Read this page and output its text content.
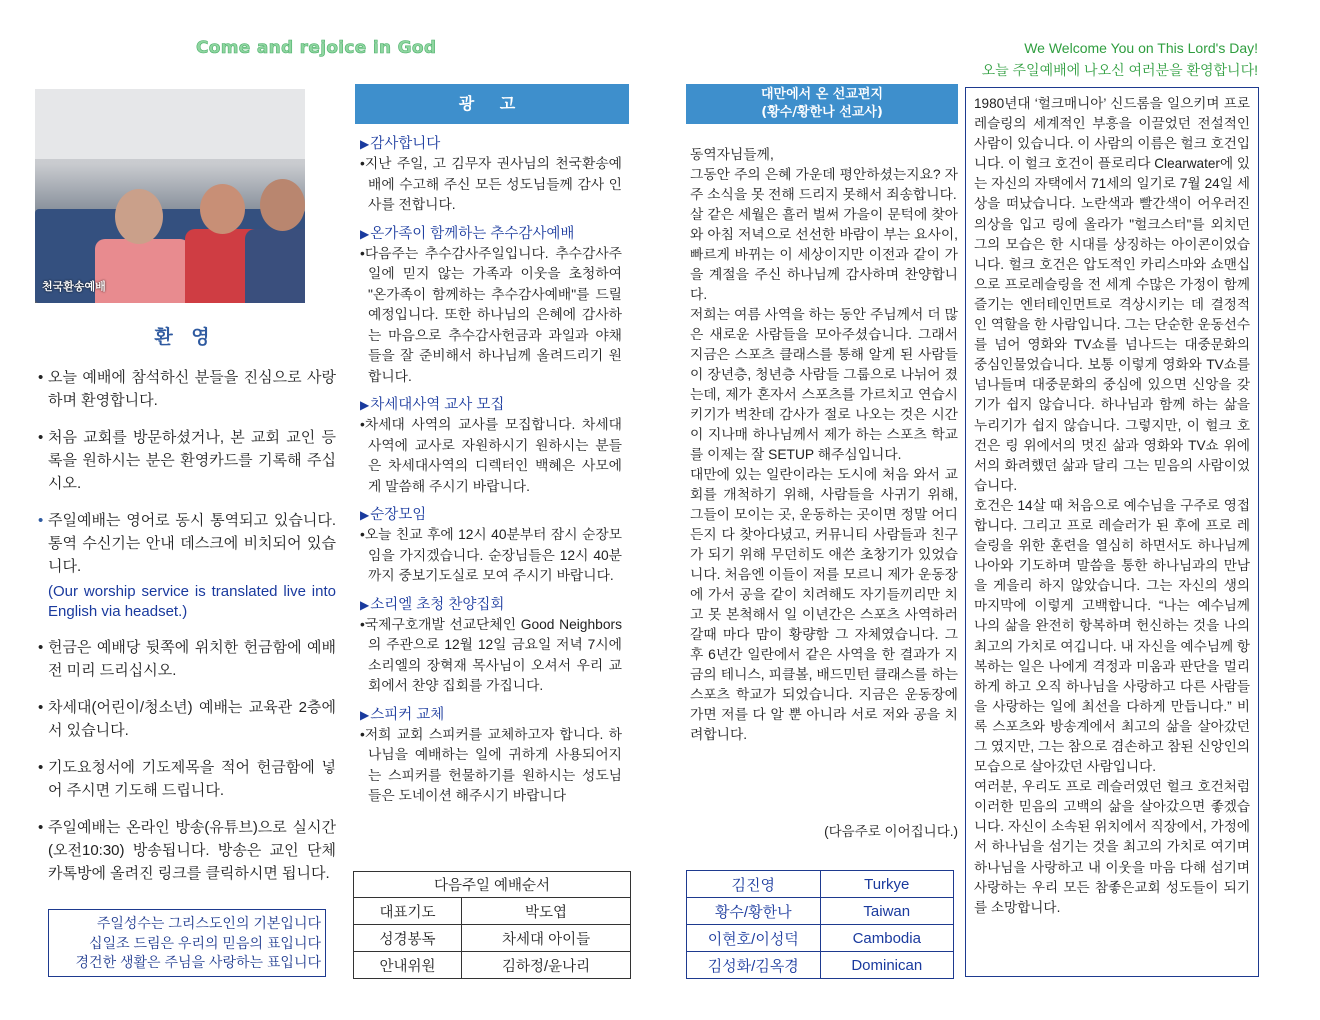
Come and rejoice in God	We Welcome You on This Lord's Day!
오늘 주일예배에 나오신 여러분을 환영합니다!
천국환송예배
환 영
• 오늘 예배에 참석하신 분들을 진심으로 사랑하며 환영합니다.
• 처음 교회를 방문하셨거나, 본 교회 교인 등록을 원하시는 분은 환영카드를 기록해 주십시오.
• 주일예배는 영어로 동시 통역되고 있습니다. 통역 수신기는 안내 데스크에 비치되어 있습니다.
(Our worship service is translated live into English via headset.)
• 헌금은 예배당 뒷쪽에 위치한 헌금함에 예배전 미리 드리십시오.
• 차세대(어린이/청소년) 예배는 교육관 2층에서 있습니다.
• 기도요청서에 기도제목을 적어 헌금함에 넣어 주시면 기도해 드립니다.
• 주일예배는 온라인 방송(유튜브)으로 실시간 (오전10:30) 방송됩니다. 방송은 교인 단체 카톡방에 올려진 링크를 클릭하시면 됩니다.
주일성수는 그리스도인의 기본입니다
십일조 드림은 우리의 믿음의 표입니다
경건한 생활은 주님을 사랑하는 표입니다
광 고
▶ 감사합니다
• 지난 주일, 고 김무자 권사님의 천국환송예배에 수고해 주신 모든 성도님들께 감사 인사를 전합니다.
▶ 온가족이 함께하는 추수감사예배
• 다음주는 추수감사주일입니다. 추수감사주일에 믿지 않는 가족과 이웃을 초청하여 "온가족이 함께하는 추수감사예배"를 드릴 예정입니다. 또한 하나님의 은혜에 감사하는 마음으로 추수감사헌금과 과일과 야채들을 잘 준비해서 하나님께 올려드리기 원합니다.
▶ 차세대사역 교사 모집
• 차세대 사역의 교사를 모집합니다. 차세대 사역에 교사로 자원하시기 원하시는 분들은 차세대사역의 디렉터인 백혜은 사모에게 말씀해 주시기 바랍니다.
▶ 순장모임
• 오늘 친교 후에 12시 40분부터 잠시 순장모임을 가지겠습니다. 순장님들은 12시 40분까지 중보기도실로 모여 주시기 바랍니다.
▶ 소리엘 초청 찬양집회
• 국제구호개발 선교단체인 Good Neighbors의 주관으로 12월 12일 금요일 저녁 7시에 소리엘의 장혁재 목사님이 오셔서 우리 교회에서 찬양 집회를 가집니다.
▶ 스피커 교체
• 저희 교회 스피커를 교체하고자 합니다. 하나님을 예배하는 일에 귀하게 사용되어지는 스피커를 헌물하기를 원하시는 성도님들은 도네이션 해주시기 바랍니다
다음주일 예배순서	
대표기도	박도엽
성경봉독	차세대 아이들
안내위원	김하정/윤나리
대만에서 온 선교편지
(황수/황한나 선교사)

동역자님들께,

그동안 주의 은혜 가운데 평안하셨는지요? 자주 소식을 못 전해 드리지 못해서 죄송합니다.

살 같은 세월은 흘러 벌써 가을이 문턱에 찾아와 아침 저녁으로 선선한 바람이 부는 요사이, 빠르게 바뀌는 이 세상이지만 이전과 같이 가을 계절을 주신 하나님께 감사하며 찬양합니다.

저희는 여름 사역을 하는 동안 주님께서 더 많은 새로운 사람들을 모아주셨습니다. 그래서 지금은 스포츠 클래스를 통해 알게 된 사람들이 장년층, 청년층 사람들 그룹으로 나뉘어 졌는데, 제가 혼자서 스포츠를 가르치고 연습시키기가 벅찬데 감사가 절로 나오는 것은 시간이 지나매 하나님께서 제가 하는 스포츠 학교를 이제는 잘 SETUP 해주심입니다.

대만에 있는 일란이라는 도시에 처음 와서 교회를 개척하기 위해, 사람들을 사귀기 위해, 그들이 모이는 곳, 운동하는 곳이면 정말 어디든지 다 찾아다녔고, 커뮤니티 사람들과 친구가 되기 위해 무던히도 애쓴 초창기가 있었습니다. 처음엔 이들이 저를 모르니 제가 운동장에 가서 공을 같이 치려해도 자기들끼리만 치고 못 본척해서 일 이년간은 스포츠 사역하러 갈때 마다 맘이 황량함 그 자체였습니다. 그 후 6년간 일란에서 같은 사역을 한 결과가 지금의 테니스, 피클볼, 배드민턴 클래스를 하는 스포츠 학교가 되었습니다. 지금은 운동장에 가면 저를 다 알 뿐 아니라 서로 저와 공을 치려합니다.

(다음주로 이어집니다.)
김진영	Turkye
황수/황한나	Taiwan
이현호/이성덕	Cambodia
김성화/김옥경	Dominican

1980년대 ‘헐크매니아’ 신드롬을 일으키며 프로레슬링의 세계적인 부흥을 이끌었던 전설적인 사람이 있습니다. 이 사람의 이름은 헐크 호건입니다. 이 헐크 호건이 플로리다 Clearwater에 있는 자신의 자택에서 71세의 일기로 7월 24일 세상을 떠났습니다. 노란색과 빨간색이 어우러진 의상을 입고 링에 올라가 "헐크스터"를 외치던 그의 모습은 한 시대를 상징하는 아이콘이었습니다. 헐크 호건은 압도적인 카리스마와 쇼맨십으로 프로레슬링을 전 세계 수많은 가정이 함께 즐기는 엔터테인먼트로 격상시키는 데 결정적인 역할을 한 사람입니다. 그는 단순한 운동선수를 넘어 영화와 TV쇼를 넘나드는 대중문화의 중심인물었습니다. 보통 이렇게 영화와 TV쇼를 넘나들며 대중문화의 중심에 있으면 신앙을 갖기가 쉽지 않습니다. 하나님과 함께 하는 삶을 누리기가 쉽지 않습니다. 그렇지만, 이 헐크 호건은 링 위에서의 멋진 삶과 영화와 TV쇼 위에서의 화려했던 삶과 달리 그는 믿음의 사람이었습니다.

호건은 14살 때 처음으로 예수님을 구주로 영접합니다. 그리고 프로 레슬러가 된 후에 프로 레슬링을 위한 훈련을 열심히 하면서도 하나님께 나아와 기도하며 말씀을 통한 하나님과의 만남을 게을리 하지 않았습니다. 그는 자신의 생의 마지막에 이렇게 고백합니다. “나는 예수님께 나의 삶을 완전히 항복하며 헌신하는 것을 나의 최고의 가치로 여깁니다. 내 자신을 예수님께 항복하는 일은 나에게 격정과 미움과 판단을 멀리하게 하고 오직 하나님을 사랑하고 다른 사람들을 사랑하는 일에 최선을 다하게 만듭니다.” 비록 스포츠와 방송계에서 최고의 삶을 살아갔던 그 였지만, 그는 참으로 겸손하고 참된 신앙인의 모습으로 살아갔던 사람입니다.

여러분, 우리도 프로 레슬러였던 헐크 호건처럼 이러한 믿음의 고백의 삶을 살아갔으면 좋겠습니다. 자신이 소속된 위치에서 직장에서, 가정에서 하나님을 섬기는 것을 최고의 가치로 여기며 하나님을 사랑하고 내 이웃을 마음 다해 섬기며 사랑하는 우리 모든 참좋은교회 성도들이 되기를 소망합니다.
